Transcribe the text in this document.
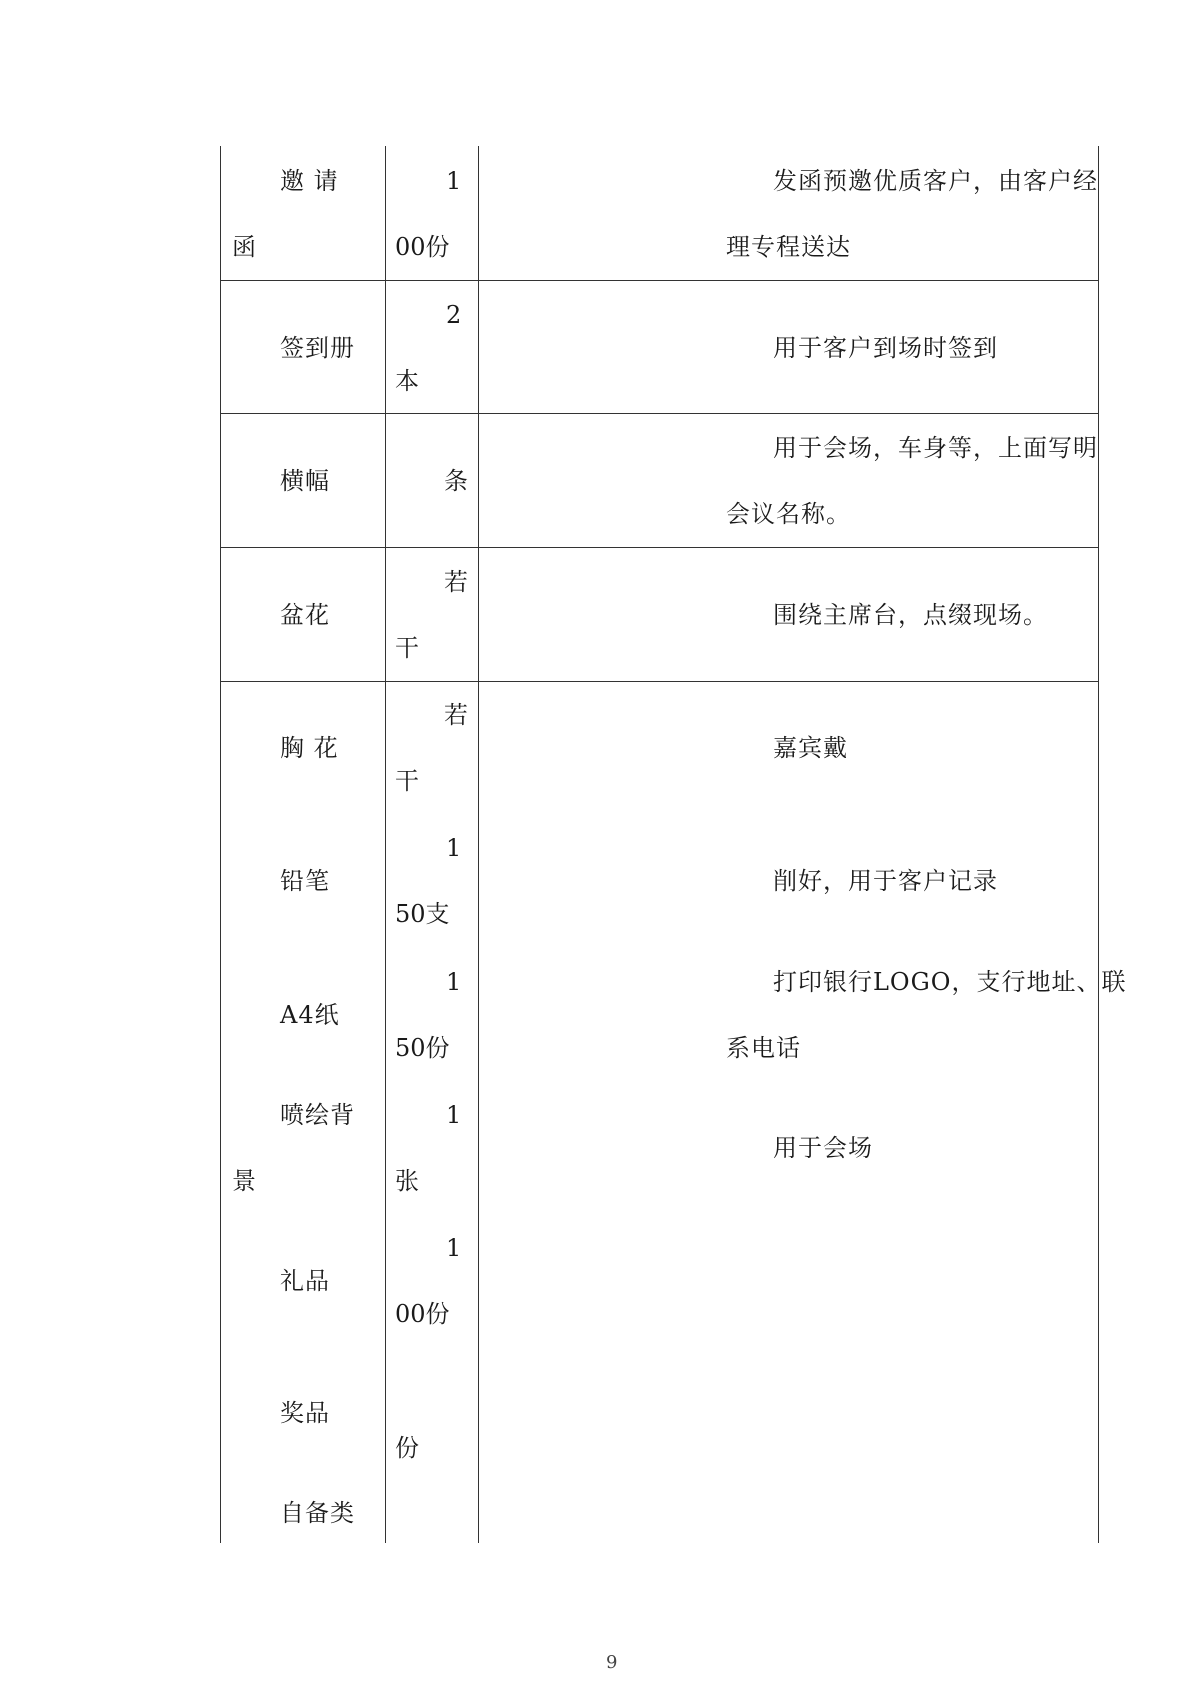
邀 请
函
1
00份
发函预邀优质客户，由客户经
理专程送达
签到册
2
本
用于客户到场时签到
横幅	条
用于会场，车身等，上面写明
会议名称。
盆花
若
干
围绕主席台，点缀现场。
胸 花
若
干
嘉宾戴
铅笔
1
50支
削好，用于客户记录
A4纸
1
50份
打印银行LOGO，支行地址、联
系电话
喷绘背
景
1
张
用于会场
礼品
1
00份
奖品
份
自备类
9
